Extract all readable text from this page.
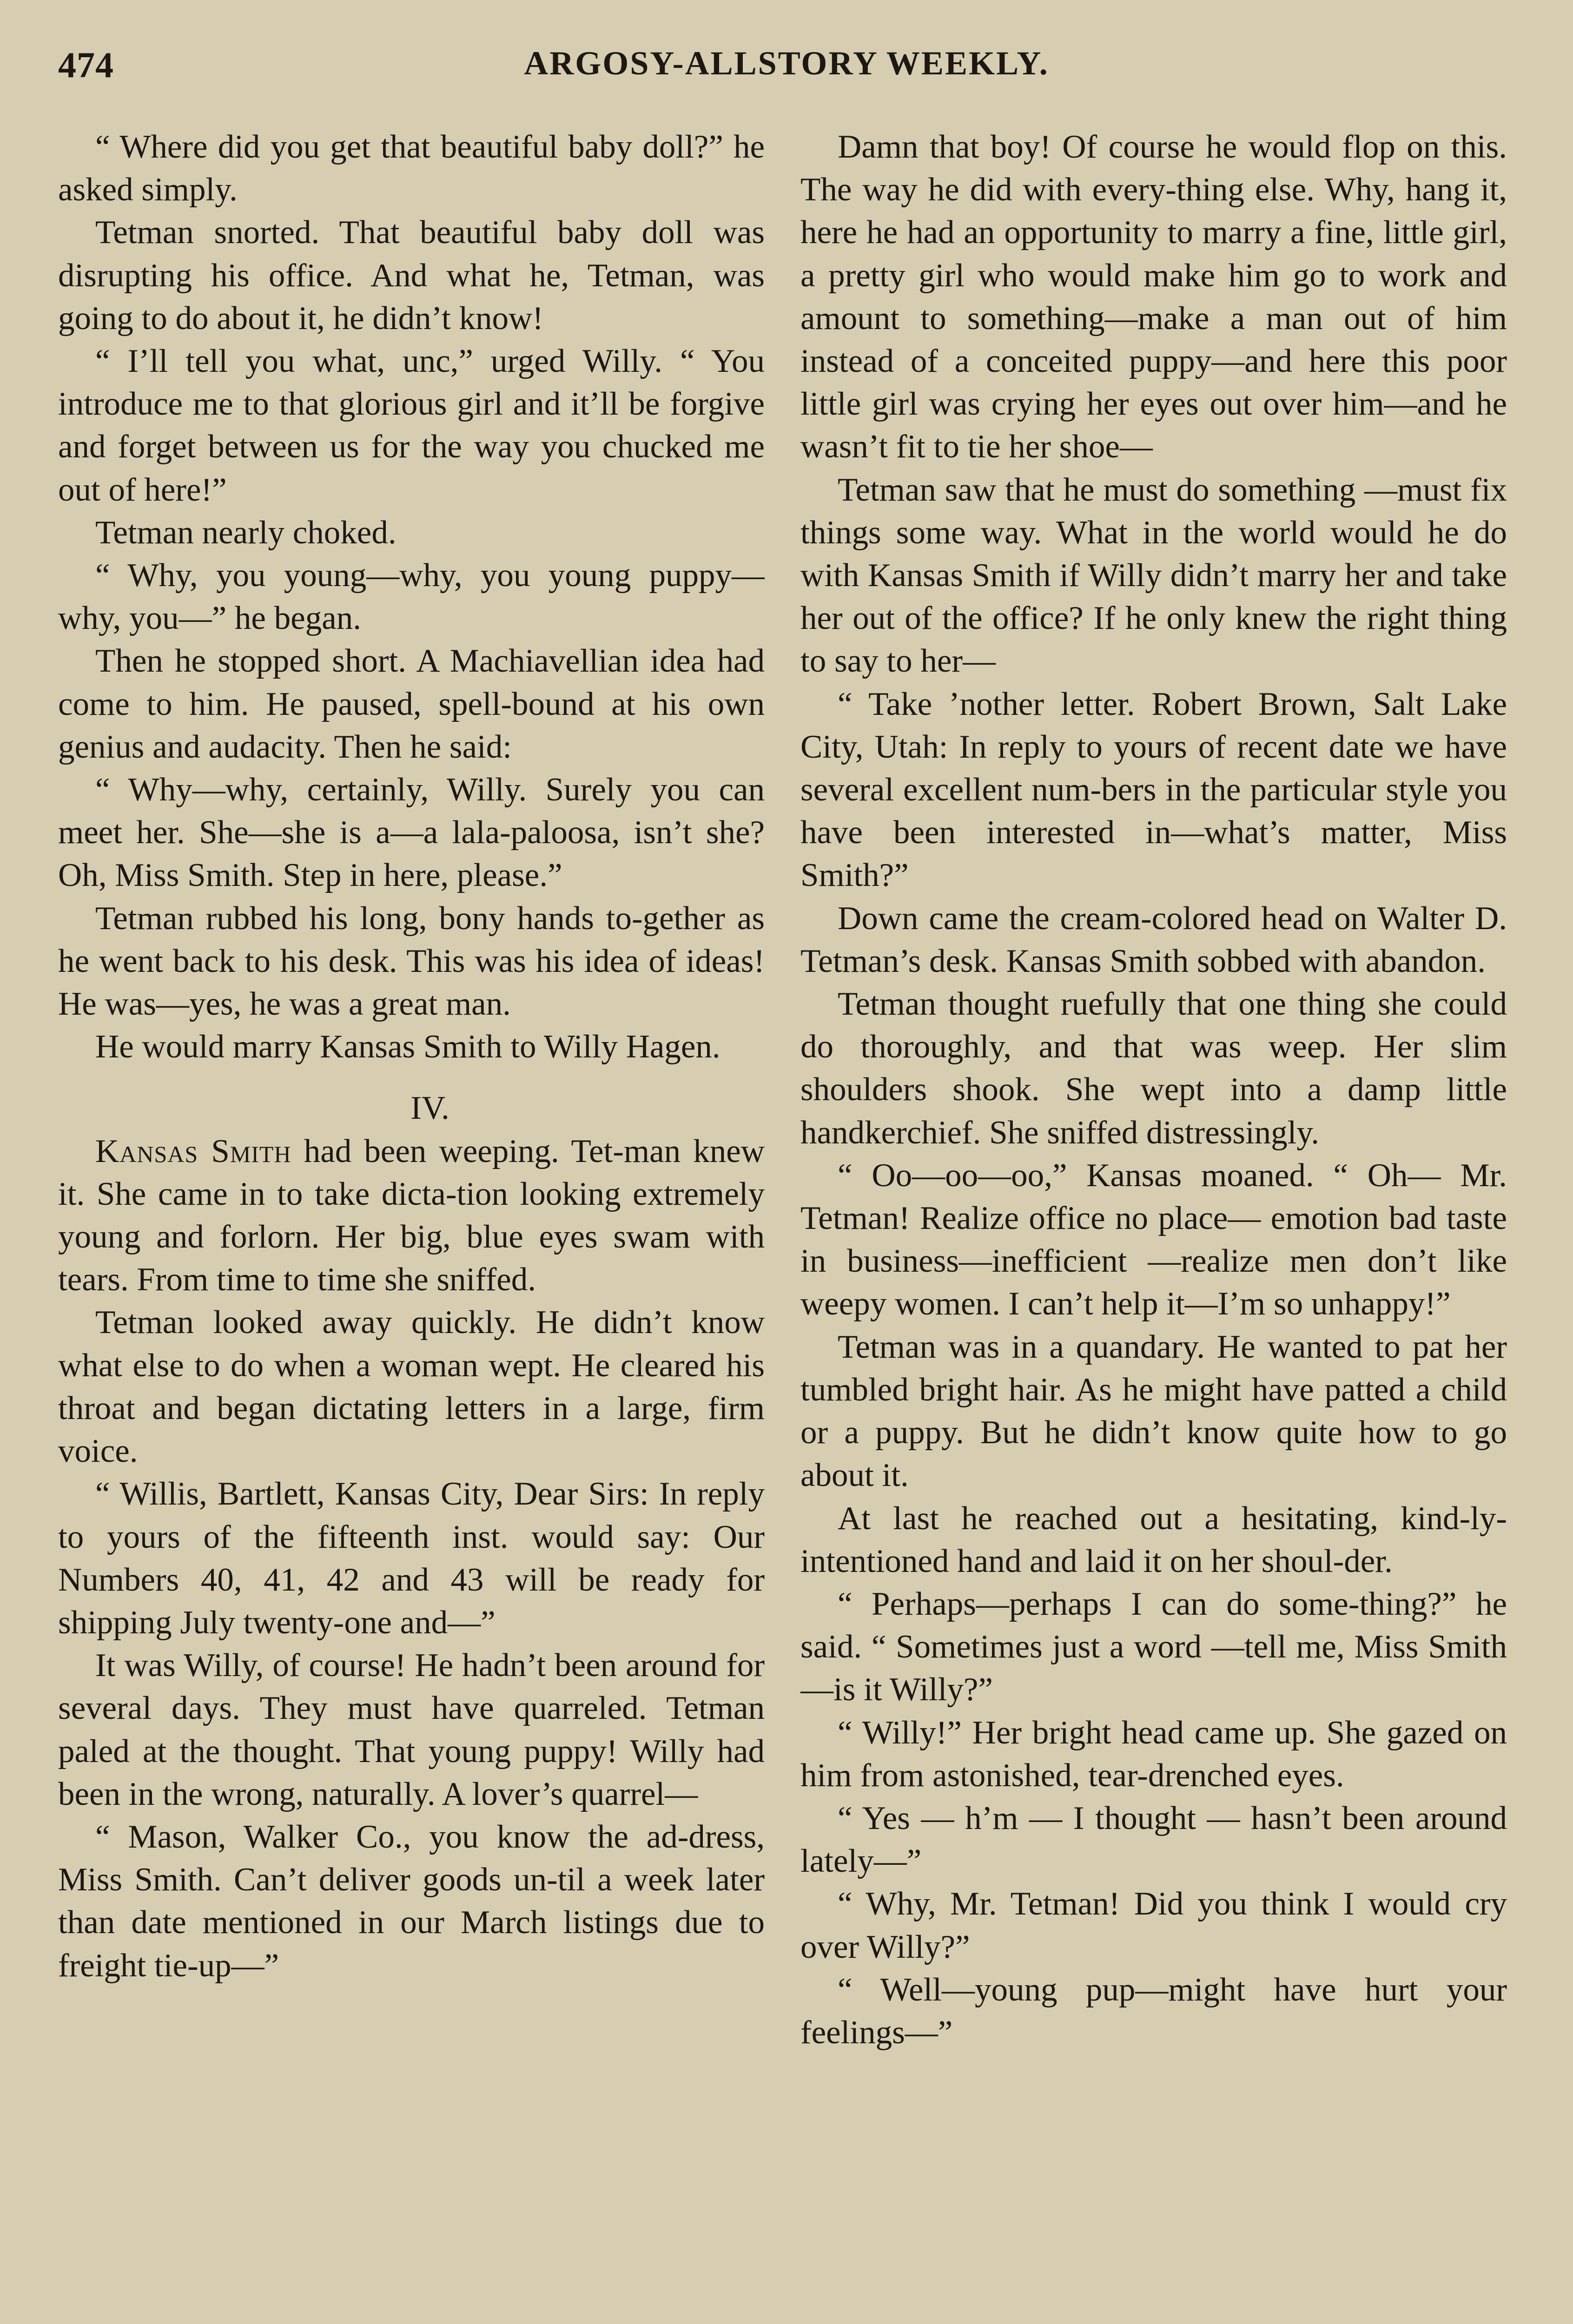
474	ARGOSY-ALLSTORY WEEKLY.

“ Where did you get that beautiful baby doll?” he asked simply.

Tetman snorted. That beautiful baby doll was disrupting his office. And what he, Tetman, was going to do about it, he didn’t know!

“ I’ll tell you what, unc,” urged Willy. “ You introduce me to that glorious girl and it’ll be forgive and forget between us for the way you chucked me out of here!”

Tetman nearly choked.

“ Why, you young—why, you young puppy—why, you—” he began.

Then he stopped short. A Machiavellian idea had come to him. He paused, spell-bound at his own genius and audacity. Then he said:

“ Why—why, certainly, Willy. Surely you can meet her. She—she is a—a lala-paloosa, isn’t she? Oh, Miss Smith. Step in here, please.”

Tetman rubbed his long, bony hands to-gether as he went back to his desk. This was his idea of ideas! He was—yes, he was a great man.

He would marry Kansas Smith to Willy Hagen.

IV.

Kansas Smith had been weeping. Tet-man knew it. She came in to take dicta-tion looking extremely young and forlorn. Her big, blue eyes swam with tears. From time to time she sniffed.

Tetman looked away quickly. He didn’t know what else to do when a woman wept. He cleared his throat and began dictating letters in a large, firm voice.

“ Willis, Bartlett, Kansas City, Dear Sirs: In reply to yours of the fifteenth inst. would say: Our Numbers 40, 41, 42 and 43 will be ready for shipping July twenty-one and—”

It was Willy, of course! He hadn’t been around for several days. They must have quarreled. Tetman paled at the thought. That young puppy! Willy had been in the wrong, naturally. A lover’s quarrel—

“ Mason, Walker Co., you know the ad-dress, Miss Smith. Can’t deliver goods un-til a week later than date mentioned in our March listings due to freight tie-up—”

Damn that boy! Of course he would flop on this. The way he did with every-thing else. Why, hang it, here he had an opportunity to marry a fine, little girl, a pretty girl who would make him go to work and amount to something—make a man out of him instead of a conceited puppy—and here this poor little girl was crying her eyes out over him—and he wasn’t fit to tie her shoe—

Tetman saw that he must do something —must fix things some way. What in the world would he do with Kansas Smith if Willy didn’t marry her and take her out of the office? If he only knew the right thing to say to her—

“ Take ’nother letter. Robert Brown, Salt Lake City, Utah: In reply to yours of recent date we have several excellent num-bers in the particular style you have been interested in—what’s matter, Miss Smith?”

Down came the cream-colored head on Walter D. Tetman’s desk. Kansas Smith sobbed with abandon.

Tetman thought ruefully that one thing she could do thoroughly, and that was weep. Her slim shoulders shook. She wept into a damp little handkerchief. She sniffed distressingly.

“ Oo—oo—oo,” Kansas moaned. “ Oh— Mr. Tetman! Realize office no place— emotion bad taste in business—inefficient —realize men don’t like weepy women. I can’t help it—I’m so unhappy!”

Tetman was in a quandary. He wanted to pat her tumbled bright hair. As he might have patted a child or a puppy. But he didn’t know quite how to go about it.

At last he reached out a hesitating, kind-ly-intentioned hand and laid it on her shoul-der.

“ Perhaps—perhaps I can do some-thing?” he said. “ Sometimes just a word —tell me, Miss Smith—is it Willy?”

“ Willy!” Her bright head came up. She gazed on him from astonished, tear-drenched eyes.

“ Yes — h’m — I thought — hasn’t been around lately—”

“ Why, Mr. Tetman! Did you think I would cry over Willy?”

“ Well—young pup—might have hurt your feelings—”
